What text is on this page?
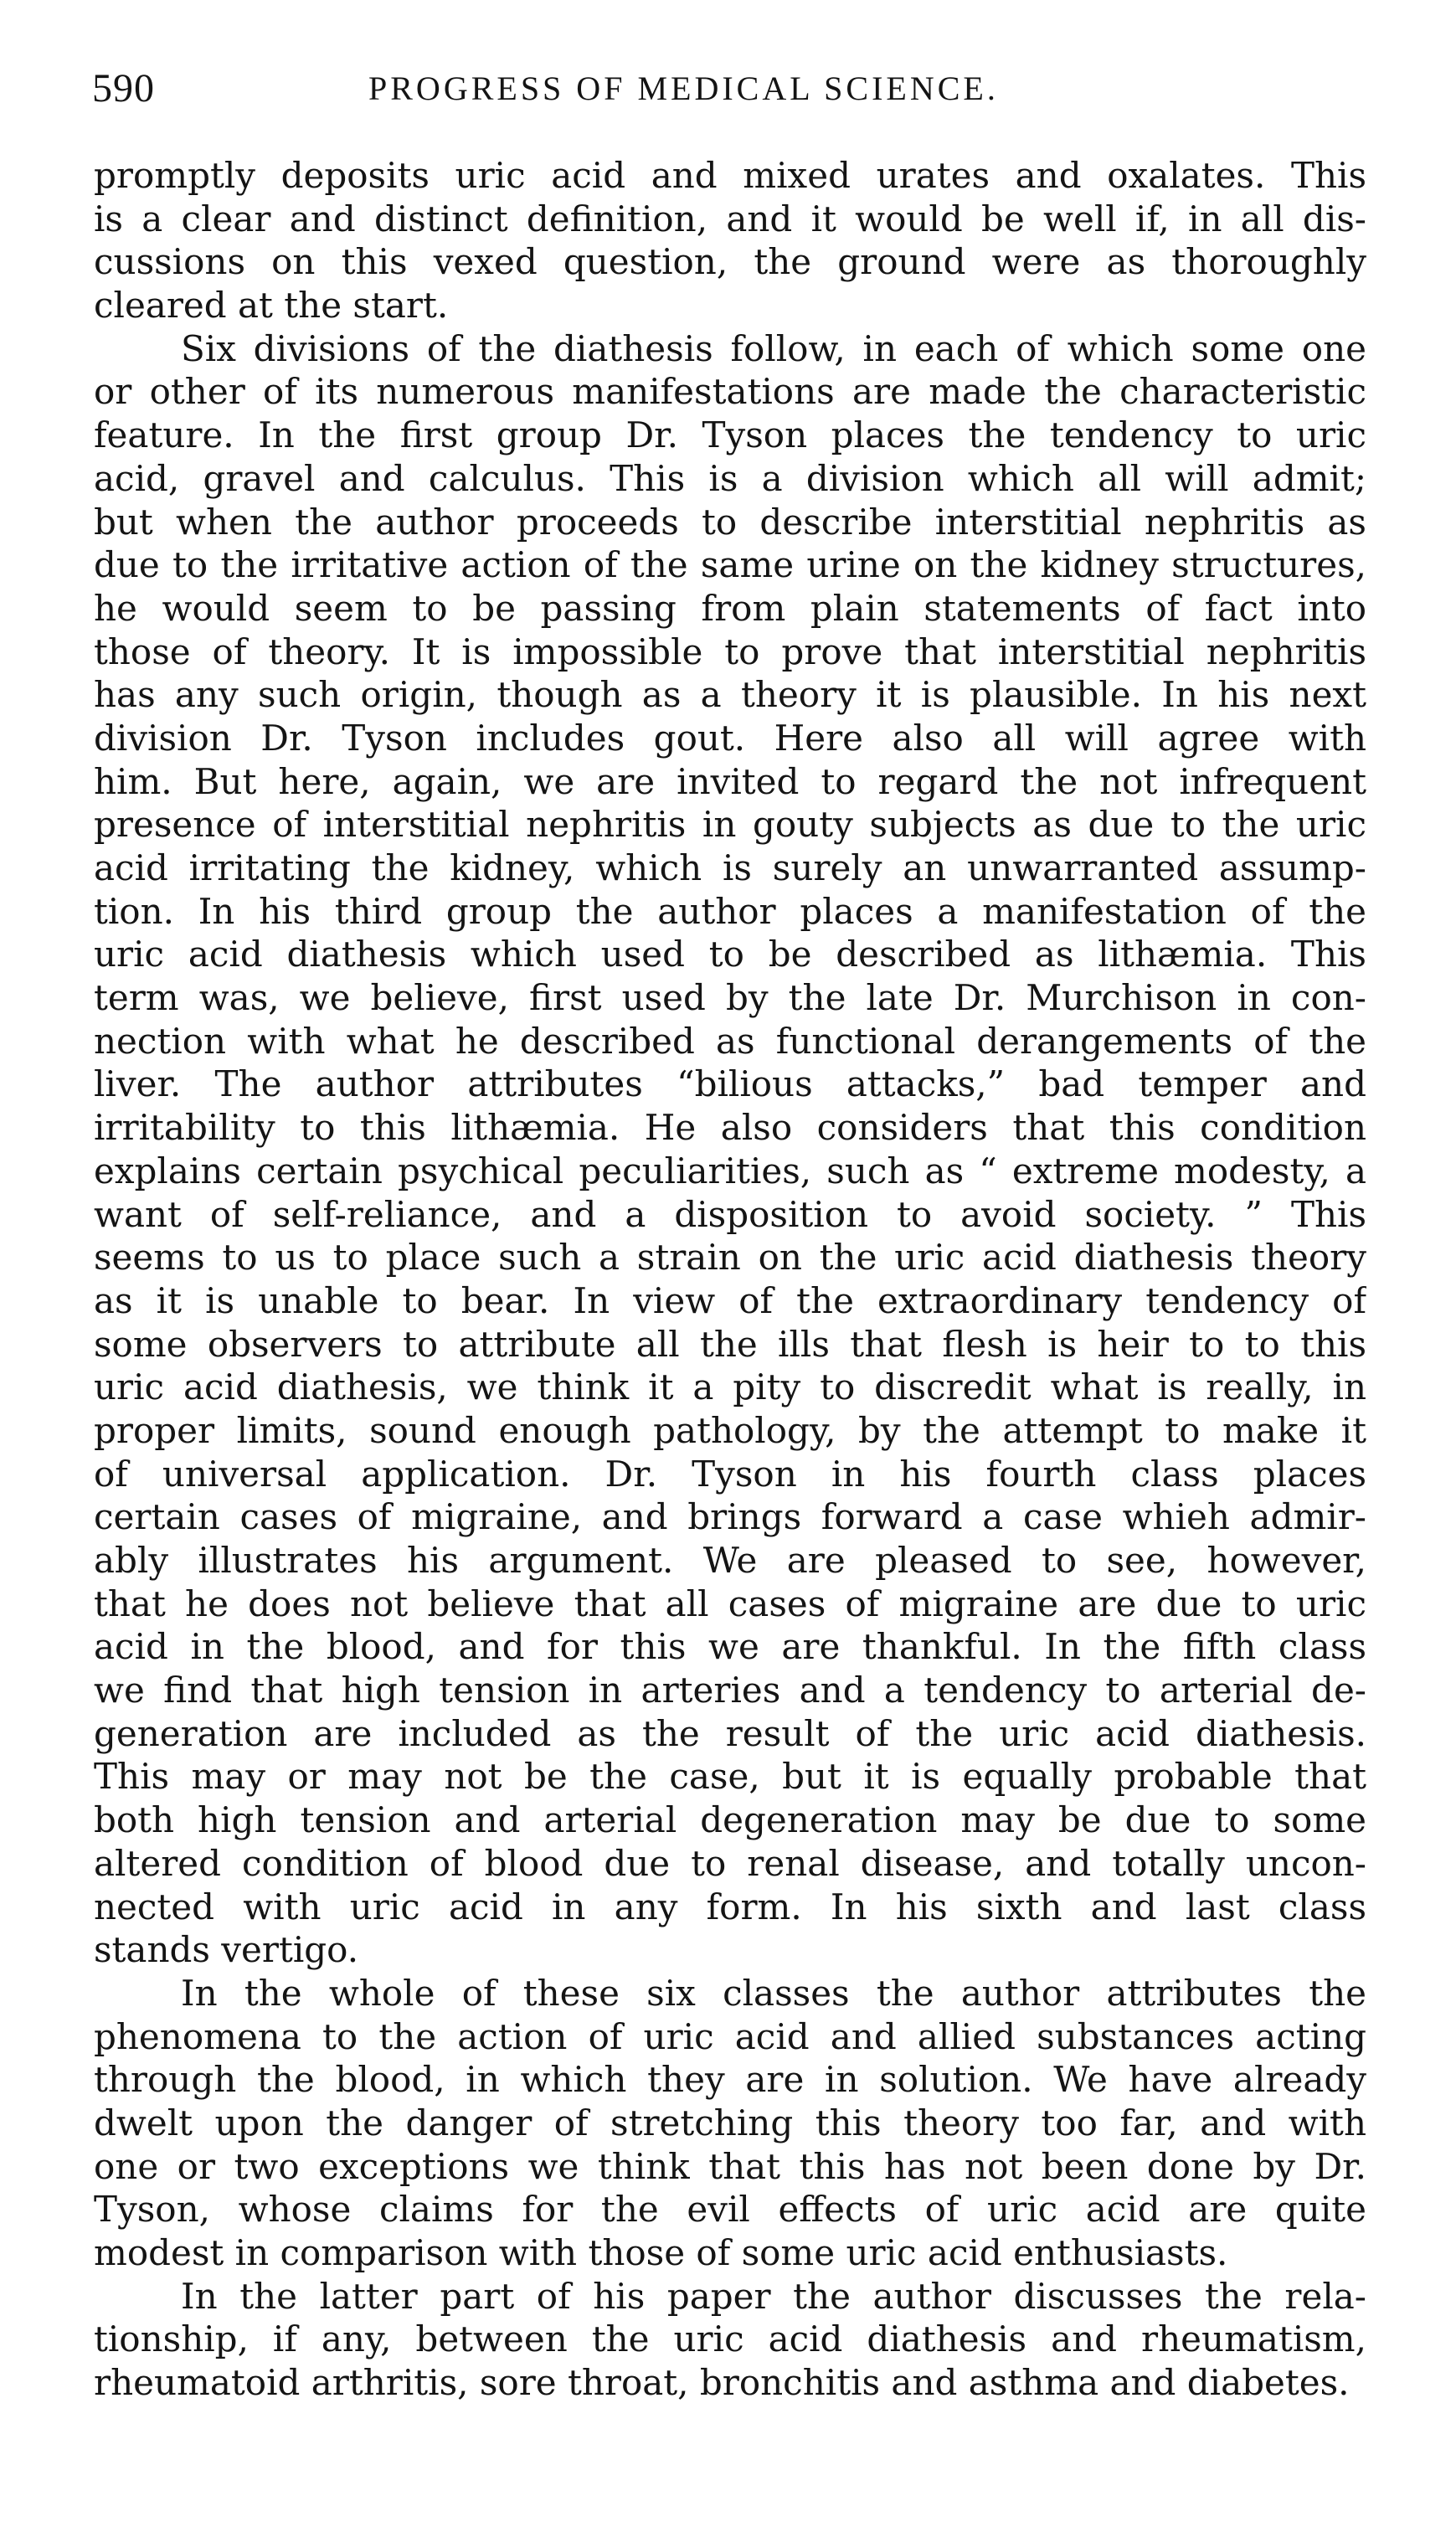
590	PROGRESS OF MEDICAL SCIENCE.
promptly deposits uric acid and mixed urates and oxalates. This
is a clear and distinct definition, and it would be well if, in all dis-
cussions on this vexed question, the ground were as thoroughly
cleared at the start.
Six divisions of the diathesis follow, in each of which some one
or other of its numerous manifestations are made the characteristic
feature. In the first group Dr. Tyson places the tendency to uric
acid, gravel and calculus. This is a division which all will admit;
but when the author proceeds to describe interstitial nephritis as
due to the irritative action of the same urine on the kidney structures,
he would seem to be passing from plain statements of fact into
those of theory. It is impossible to prove that interstitial nephritis
has any such origin, though as a theory it is plausible. In his next
division Dr. Tyson includes gout. Here also all will agree with
him. But here, again, we are invited to regard the not infrequent
presence of interstitial nephritis in gouty subjects as due to the uric
acid irritating the kidney, which is surely an unwarranted assump-
tion. In his third group the author places a manifestation of the
uric acid diathesis which used to be described as lithæmia. This
term was, we believe, first used by the late Dr. Murchison in con-
nection with what he described as functional derangements of the
liver. The author attributes “bilious attacks,” bad temper and
irritability to this lithæmia. He also considers that this condition
explains certain psychical peculiarities, such as “ extreme modesty, a
want of self-reliance, and a disposition to avoid society. ” This
seems to us to place such a strain on the uric acid diathesis theory
as it is unable to bear. In view of the extraordinary tendency of
some observers to attribute all the ills that flesh is heir to to this
uric acid diathesis, we think it a pity to discredit what is really, in
proper limits, sound enough pathology, by the attempt to make it
of universal application. Dr. Tyson in his fourth class places
certain cases of migraine, and brings forward a case whieh admir-
ably illustrates his argument. We are pleased to see, however,
that he does not believe that all cases of migraine are due to uric
acid in the blood, and for this we are thankful. In the fifth class
we find that high tension in arteries and a tendency to arterial de-
generation are included as the result of the uric acid diathesis.
This may or may not be the case, but it is equally probable that
both high tension and arterial degeneration may be due to some
altered condition of blood due to renal disease, and totally uncon-
nected with uric acid in any form. In his sixth and last class
stands vertigo.
In the whole of these six classes the author attributes the
phenomena to the action of uric acid and allied substances acting
through the blood, in which they are in solution. We have already
dwelt upon the danger of stretching this theory too far, and with
one or two exceptions we think that this has not been done by Dr.
Tyson, whose claims for the evil effects of uric acid are quite
modest in comparison with those of some uric acid enthusiasts.
In the latter part of his paper the author discusses the rela-
tionship, if any, between the uric acid diathesis and rheumatism,
rheumatoid arthritis, sore throat, bronchitis and asthma and diabetes.
